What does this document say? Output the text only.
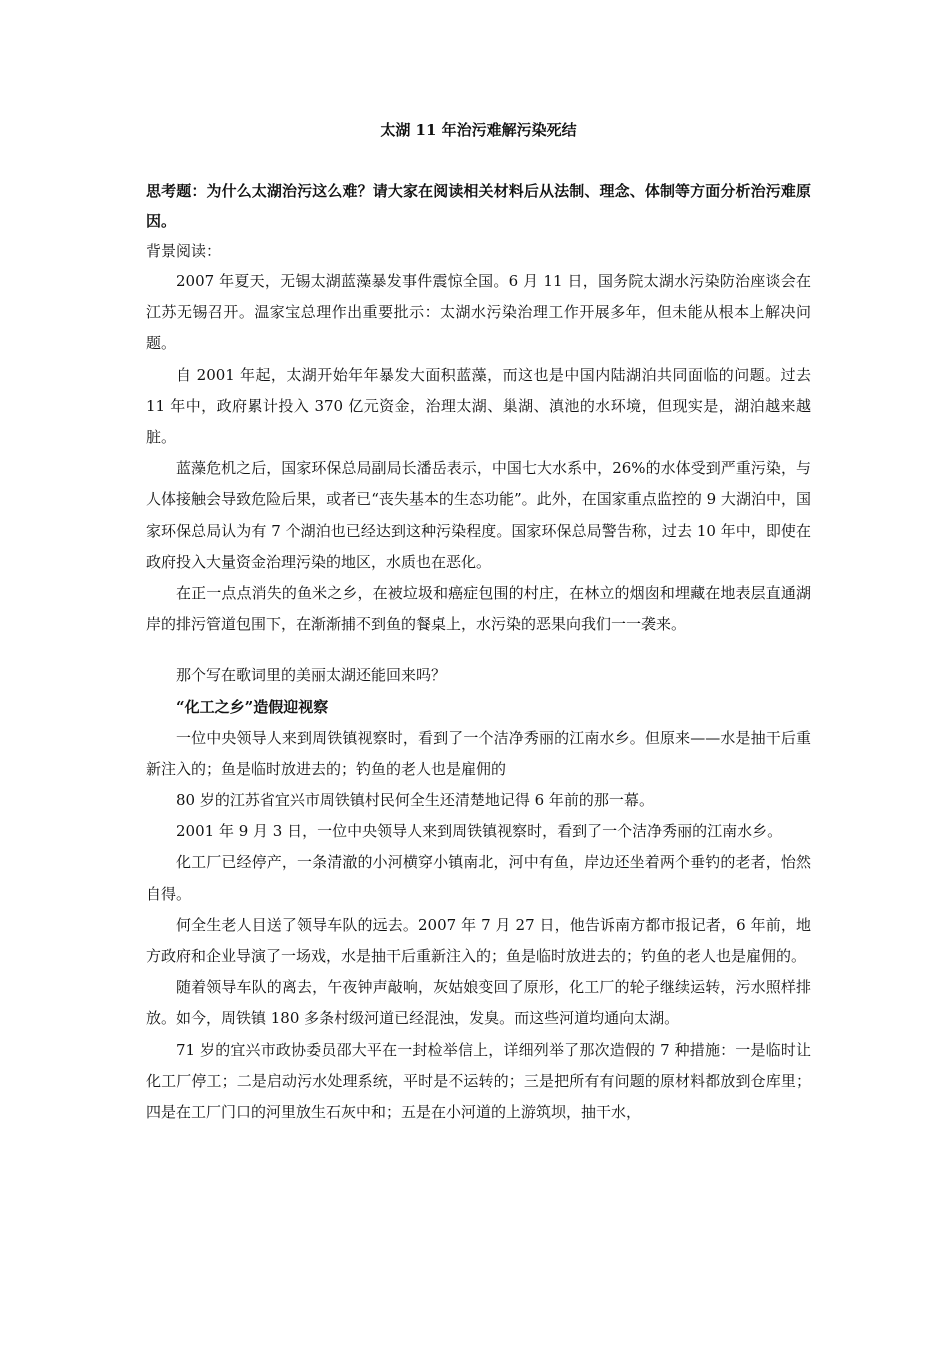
太湖 11 年治污难解污染死结

思考题：为什么太湖治污这么难？请大家在阅读相关材料后从法制、理念、体制等方面分析治污难原因。

背景阅读：

2007 年夏天，无锡太湖蓝藻暴发事件震惊全国。6 月 11 日，国务院太湖水污染防治座谈会在江苏无锡召开。温家宝总理作出重要批示：太湖水污染治理工作开展多年，但未能从根本上解决问题。

自 2001 年起，太湖开始年年暴发大面积蓝藻，而这也是中国内陆湖泊共同面临的问题。过去 11 年中，政府累计投入 370 亿元资金，治理太湖、巢湖、滇池的水环境，但现实是，湖泊越来越脏。

蓝藻危机之后，国家环保总局副局长潘岳表示，中国七大水系中，26%的水体受到严重污染，与人体接触会导致危险后果，或者已“丧失基本的生态功能”。此外，在国家重点监控的 9 大湖泊中，国家环保总局认为有 7 个湖泊也已经达到这种污染程度。国家环保总局警告称，过去 10 年中，即使在政府投入大量资金治理污染的地区，水质也在恶化。

在正一点点消失的鱼米之乡，在被垃圾和癌症包围的村庄，在林立的烟囱和埋藏在地表层直通湖岸的排污管道包围下，在渐渐捕不到鱼的餐桌上，水污染的恶果向我们一一袭来。

那个写在歌词里的美丽太湖还能回来吗？

“化工之乡”造假迎视察

一位中央领导人来到周铁镇视察时，看到了一个洁净秀丽的江南水乡。但原来——水是抽干后重新注入的；鱼是临时放进去的；钓鱼的老人也是雇佣的

80 岁的江苏省宜兴市周铁镇村民何全生还清楚地记得 6 年前的那一幕。

2001 年 9 月 3 日，一位中央领导人来到周铁镇视察时，看到了一个洁净秀丽的江南水乡。

化工厂已经停产，一条清澈的小河横穿小镇南北，河中有鱼，岸边还坐着两个垂钓的老者，怡然自得。

何全生老人目送了领导车队的远去。2007 年 7 月 27 日，他告诉南方都市报记者，6 年前，地方政府和企业导演了一场戏，水是抽干后重新注入的；鱼是临时放进去的；钓鱼的老人也是雇佣的。

随着领导车队的离去，午夜钟声敲响，灰姑娘变回了原形，化工厂的轮子继续运转，污水照样排放。如今，周铁镇 180 多条村级河道已经混浊，发臭。而这些河道均通向太湖。

71 岁的宜兴市政协委员邵大平在一封检举信上，详细列举了那次造假的 7 种措施：一是临时让化工厂停工；二是启动污水处理系统，平时是不运转的；三是把所有有问题的原材料都放到仓库里；四是在工厂门口的河里放生石灰中和；五是在小河道的上游筑坝，抽干水，
